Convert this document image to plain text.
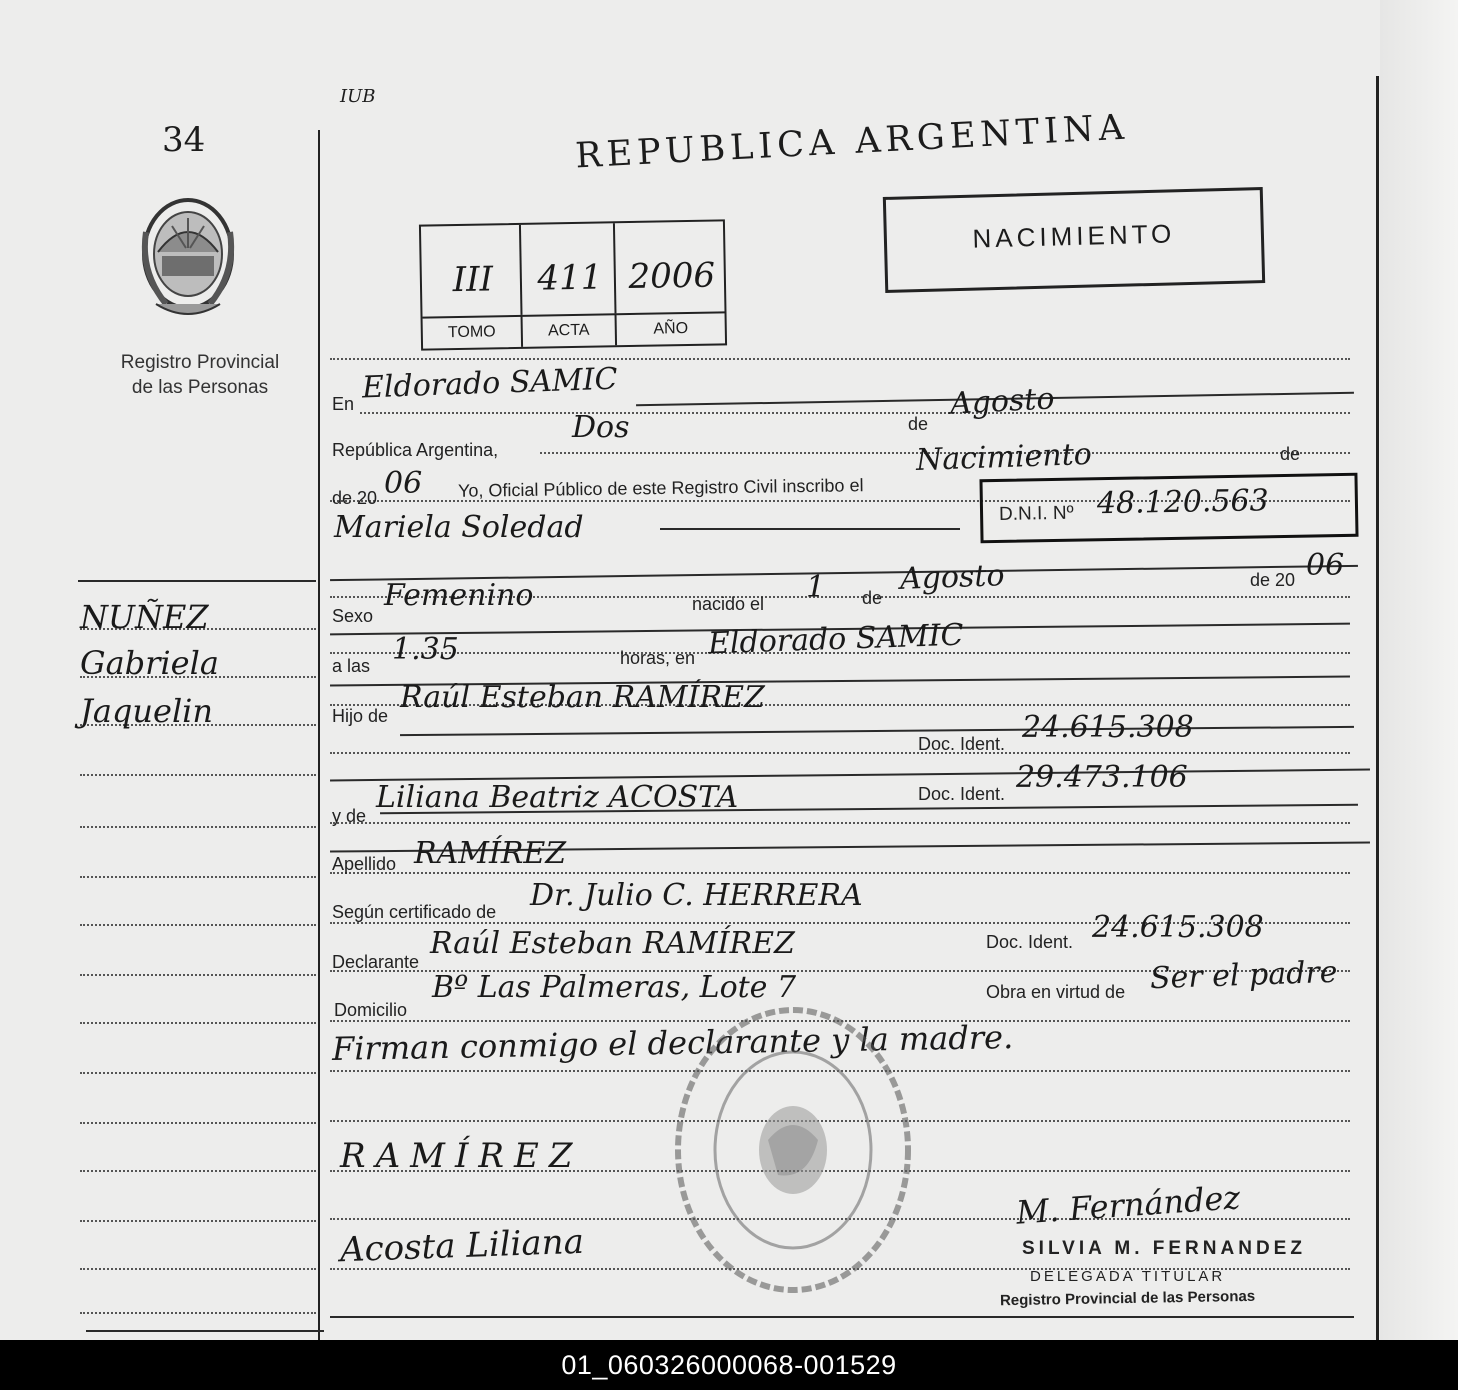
34
IUB
Registro Provincial
de las Personas
REPUBLICA ARGENTINA
NACIMIENTO
III	411 2006
TOMO	ACTA	AÑO
NUÑEZ
Gabriela
Jaquelin
En Eldorado SAMIC
República Argentina,
Dos	de
Agosto
de 20 06 Yo, Oficial Público de este Registro Civil inscribo el
Nacimiento	de
Mariela Soledad	D.N.I. Nº 48.120.563
Sexo
Femenino	nacido el 1 de
Agosto	de 20 06
a las 1.35	horas, en Eldorado SAMIC
Hijo de
Raúl Esteban RAMÍREZ
Doc. Ident. 24.615.308
y de
Liliana Beatriz ACOSTA	Doc. Ident. 29.473.106
Apellido RAMÍREZ
Según certificado de Dr. Julio C. HERRERA
Declarante
Raúl Esteban RAMÍREZ	Doc. Ident. 24.615.308
Domicilio
Bº Las Palmeras, Lote 7	Obra en virtud de Ser el padre
Firman conmigo el declarante y la madre.
RAMÍREZ
Acosta Liliana
M. Fernández
SILVIA M. FERNANDEZ
DELEGADA TITULAR
Registro Provincial de las Personas
01_060326000068-001529
